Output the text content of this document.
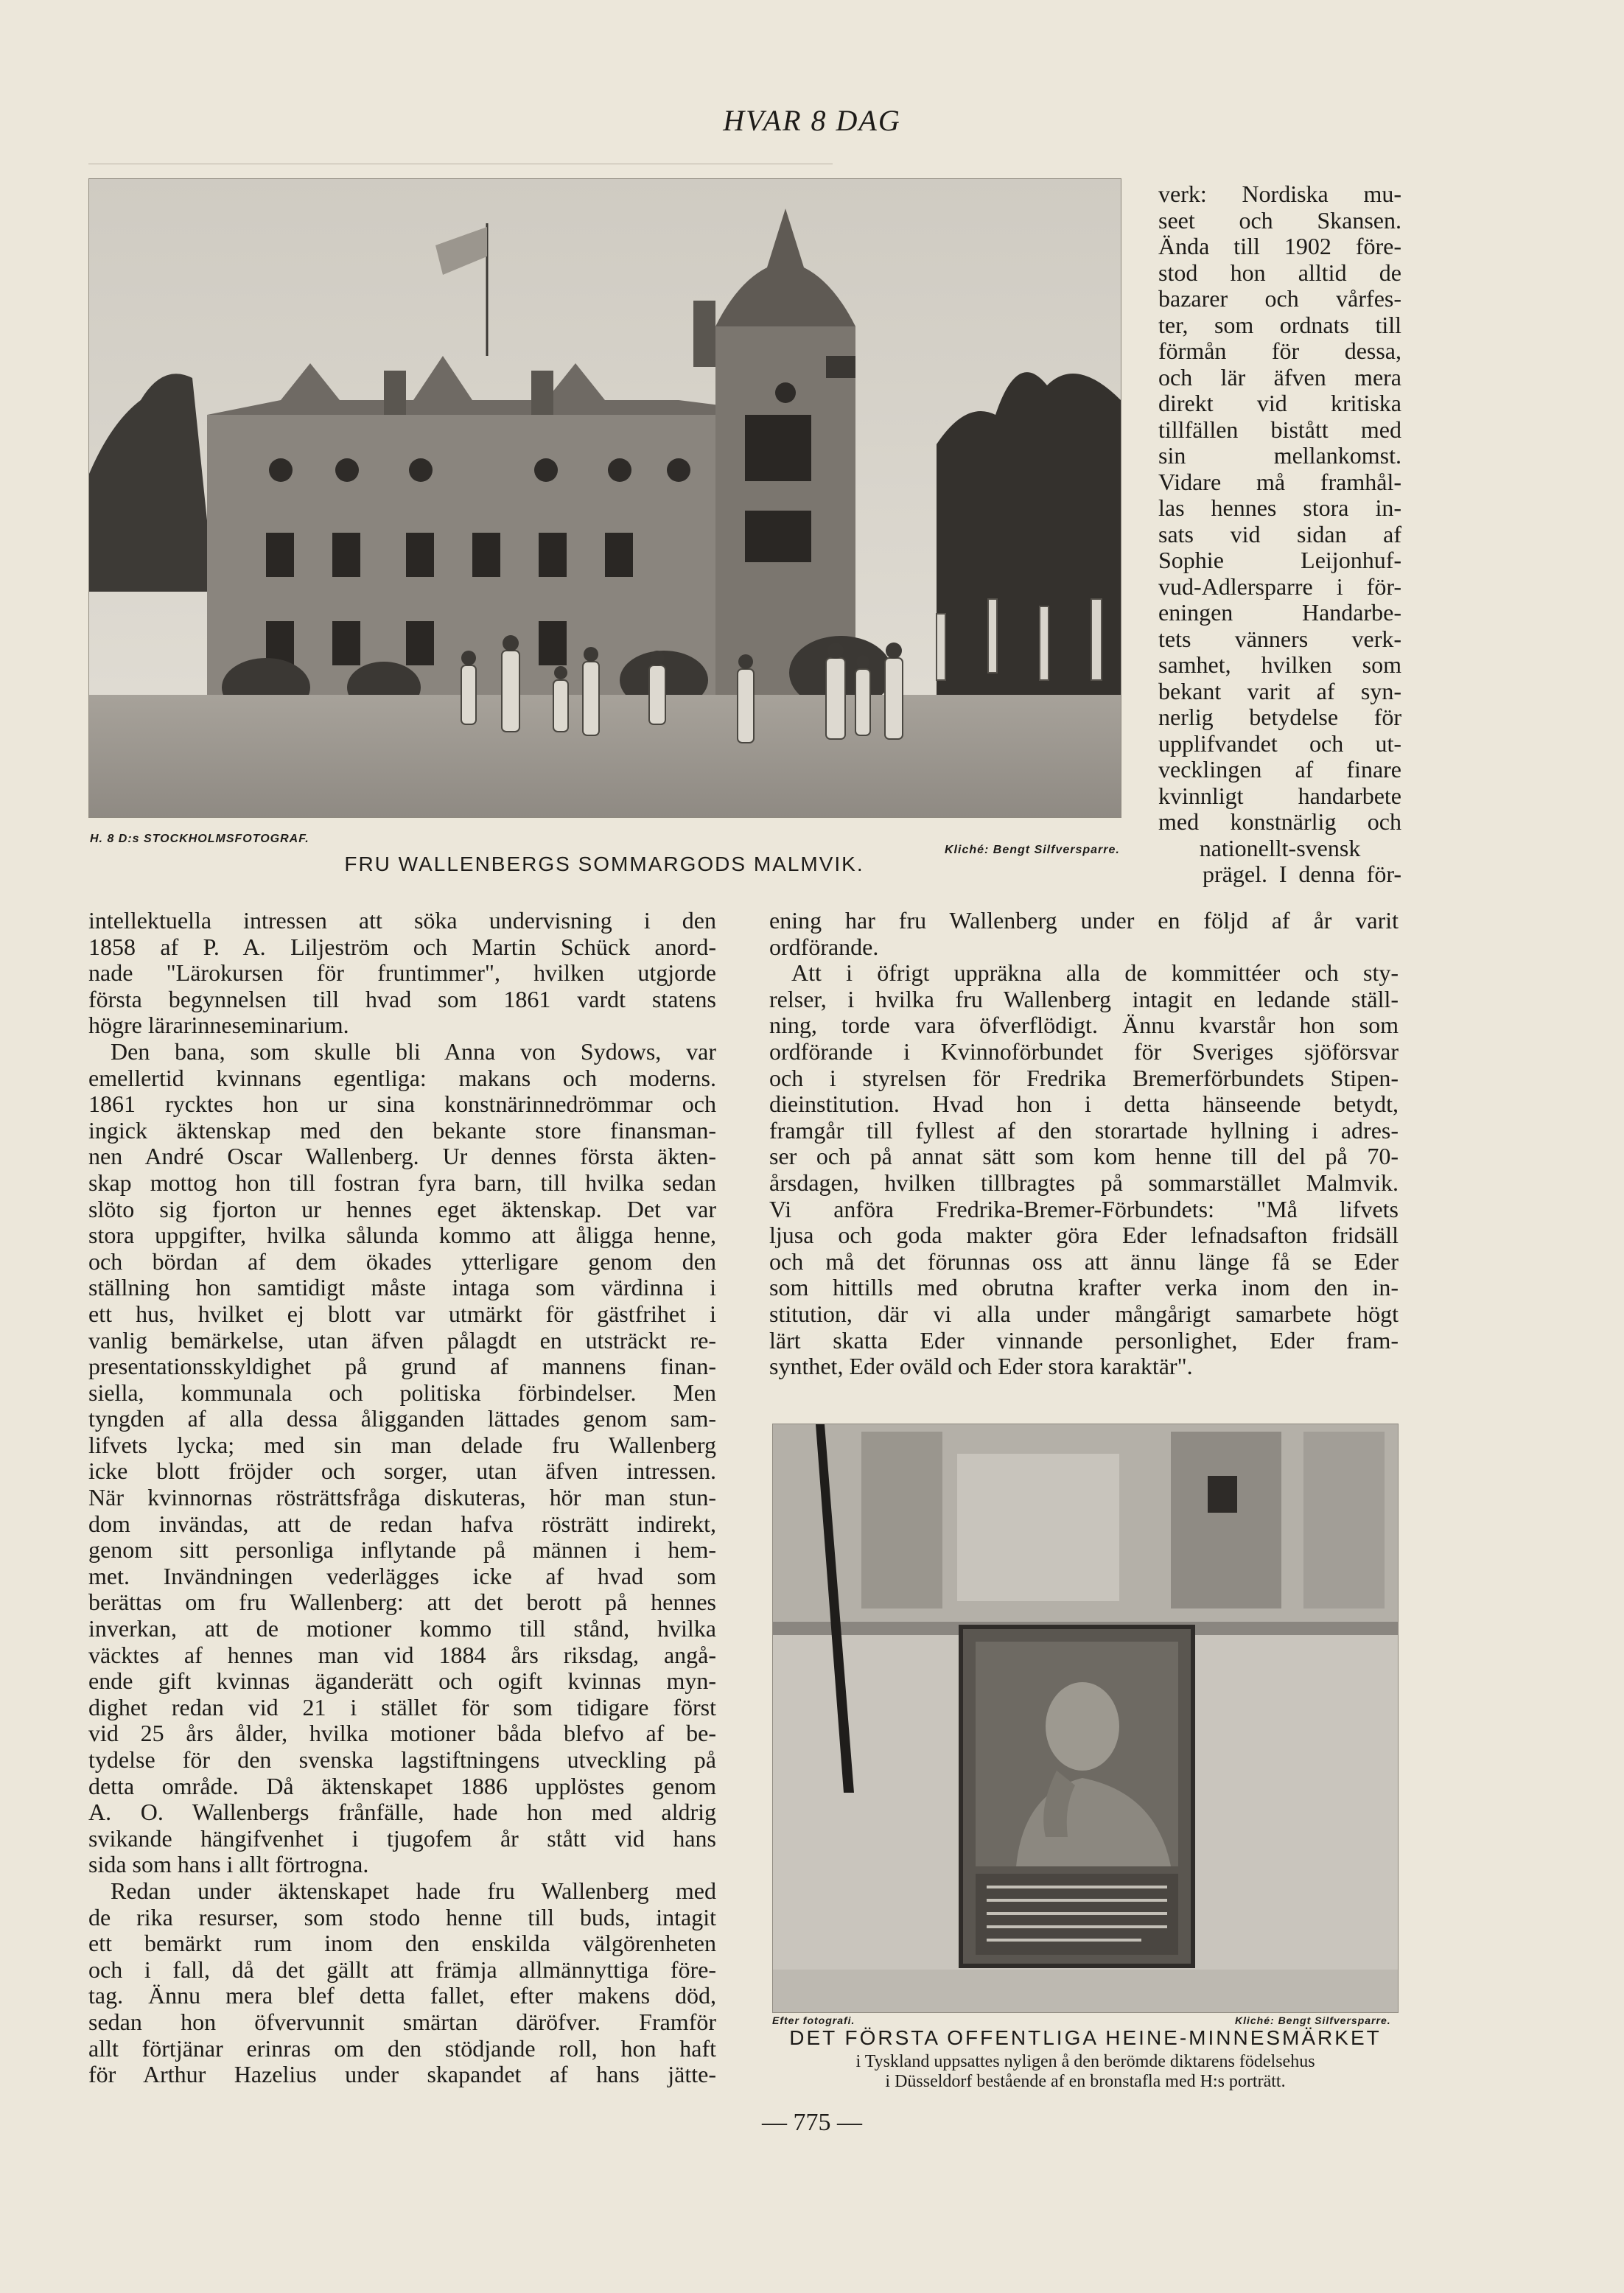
HVAR 8 DAG
H. 8 D:s STOCKHOLMSFOTOGRAF.
Kliché: Bengt Silfversparre.
FRU WALLENBERGS SOMMARGODS MALMVIK.

verk: Nordiska mu-

seet och Skansen.

Ända till 1902 före-

stod hon alltid de

bazarer och vårfes-

ter, som ordnats till

förmån för dessa,

och lär äfven mera

direkt vid kritiska

tillfällen bistått med

sin mellankomst.

Vidare må framhål-

las hennes stora in-

sats vid sidan af

Sophie Leijonhuf-

vud-Adlersparre i för-

eningen Handarbe-

tets vänners verk-

samhet, hvilken som

bekant varit af syn-

nerlig betydelse för

upplifvandet och ut-

vecklingen af finare

kvinnligt handarbete

med konstnärlig och

nationellt-svensk

prägel. I denna för-

intellektuella intressen att söka undervisning i den

1858 af P. A. Liljeström och Martin Schück anord-

nade "Lärokursen för fruntimmer", hvilken utgjorde

första begynnelsen till hvad som 1861 vardt statens

högre lärarinneseminarium.

Den bana, som skulle bli Anna von Sydows, var

emellertid kvinnans egentliga: makans och moderns.

1861 rycktes hon ur sina konstnärinnedrömmar och

ingick äktenskap med den bekante store finansman-

nen André Oscar Wallenberg. Ur dennes första äkten-

skap mottog hon till fostran fyra barn, till hvilka sedan

slöto sig fjorton ur hennes eget äktenskap. Det var

stora uppgifter, hvilka sålunda kommo att åligga henne,

och bördan af dem ökades ytterligare genom den

ställning hon samtidigt måste intaga som värdinna i

ett hus, hvilket ej blott var utmärkt för gästfrihet i

vanlig bemärkelse, utan äfven pålagdt en utsträckt re-

presentationsskyldighet på grund af mannens finan-

siella, kommunala och politiska förbindelser. Men

tyngden af alla dessa åligganden lättades genom sam-

lifvets lycka; med sin man delade fru Wallenberg

icke blott fröjder och sorger, utan äfven intressen.

När kvinnornas rösträttsfråga diskuteras, hör man stun-

dom invändas, att de redan hafva rösträtt indirekt,

genom sitt personliga inflytande på männen i hem-

met. Invändningen vederlägges icke af hvad som

berättas om fru Wallenberg: att det berott på hennes

inverkan, att de motioner kommo till stånd, hvilka

väcktes af hennes man vid 1884 års riksdag, angå-

ende gift kvinnas äganderätt och ogift kvinnas myn-

dighet redan vid 21 i stället för som tidigare först

vid 25 års ålder, hvilka motioner båda blefvo af be-

tydelse för den svenska lagstiftningens utveckling på

detta område. Då äktenskapet 1886 upplöstes genom

A. O. Wallenbergs frånfälle, hade hon med aldrig

svikande hängifvenhet i tjugofem år stått vid hans

sida som hans i allt förtrogna.

Redan under äktenskapet hade fru Wallenberg med

de rika resurser, som stodo henne till buds, intagit

ett bemärkt rum inom den enskilda välgörenheten

och i fall, då det gällt att främja allmännyttiga före-

tag. Ännu mera blef detta fallet, efter makens död,

sedan hon öfvervunnit smärtan däröfver. Framför

allt förtjänar erinras om den stödjande roll, hon haft

för Arthur Hazelius under skapandet af hans jätte-

ening har fru Wallenberg under en följd af år varit

ordförande.

Att i öfrigt uppräkna alla de kommittéer och sty-

relser, i hvilka fru Wallenberg intagit en ledande ställ-

ning, torde vara öfverflödigt. Ännu kvarstår hon som

ordförande i Kvinnoförbundet för Sveriges sjöförsvar

och i styrelsen för Fredrika Bremerförbundets Stipen-

dieinstitution. Hvad hon i detta hänseende betydt,

framgår till fyllest af den storartade hyllning i adres-

ser och på annat sätt som kom henne till del på 70-

årsdagen, hvilken tillbragtes på sommarstället Malmvik.

Vi anföra Fredrika-Bremer-Förbundets: "Må lifvets

ljusa och goda makter göra Eder lefnadsafton fridsäll

och må det förunnas oss att ännu länge få se Eder

som hittills med obrutna krafter verka inom den in-

stitution, där vi alla under mångårigt samarbete högt

lärt skatta Eder vinnande personlighet, Eder fram-

synthet, Eder oväld och Eder stora karaktär".

Efter fotografi.	Kliché: Bengt Silfversparre.
DET FÖRSTA OFFENTLIGA HEINE-MINNESMÄRKET
i Tyskland uppsattes nyligen å den berömde diktarens födelsehus
i Düsseldorf bestående af en bronstafla med H:s porträtt.
— 775 —
